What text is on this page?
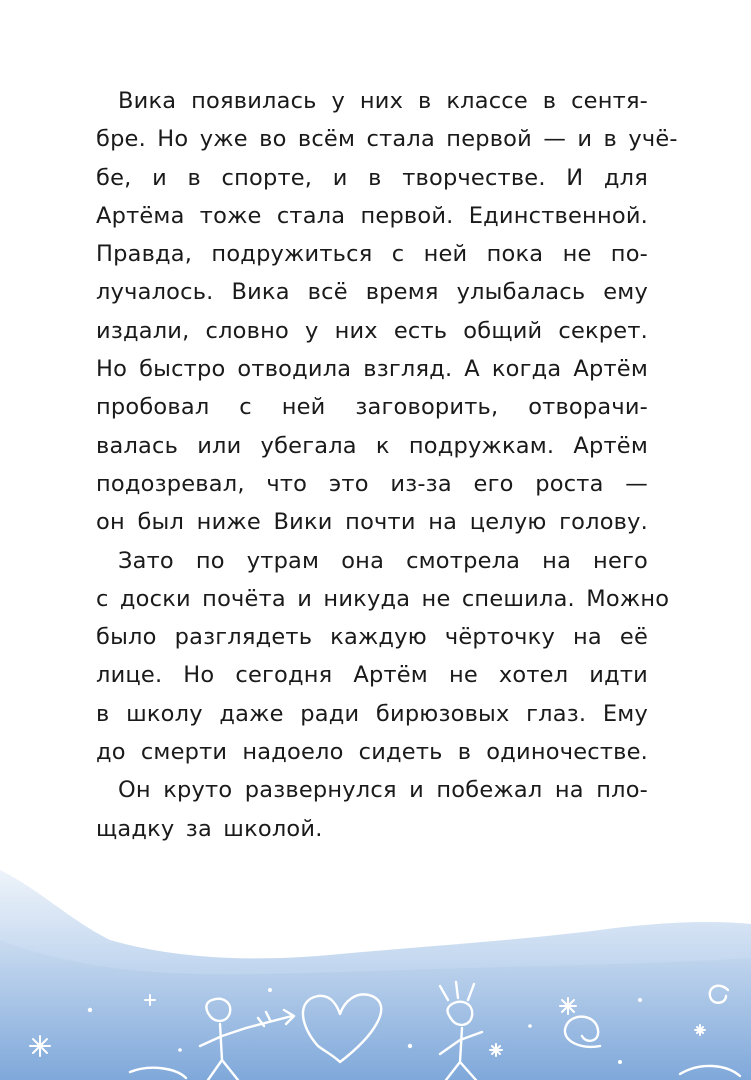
Вика появилась у них в классе в сентя-
бре. Но уже во всём стала первой — и в учё-
бе, и в спорте, и в творчестве. И для
Артёма тоже стала первой. Единственной.
Правда, подружиться с ней пока не по-
лучалось. Вика всё время улыбалась ему
издали, словно у них есть общий секрет.
Но быстро отводила взгляд. А когда Артём
пробовал с ней заговорить, отворачи-
валась или убегала к подружкам. Артём
подозревал, что это из-за его роста —
он был ниже Вики почти на целую голову.

Зато по утрам она смотрела на него
с доски почёта и никуда не спешила. Можно
было разглядеть каждую чёрточку на её
лице. Но сегодня Артём не хотел идти
в школу даже ради бирюзовых глаз. Ему
до смерти надоело сидеть в одиночестве.

Он круто развернулся и побежал на пло-
щадку за школой.
